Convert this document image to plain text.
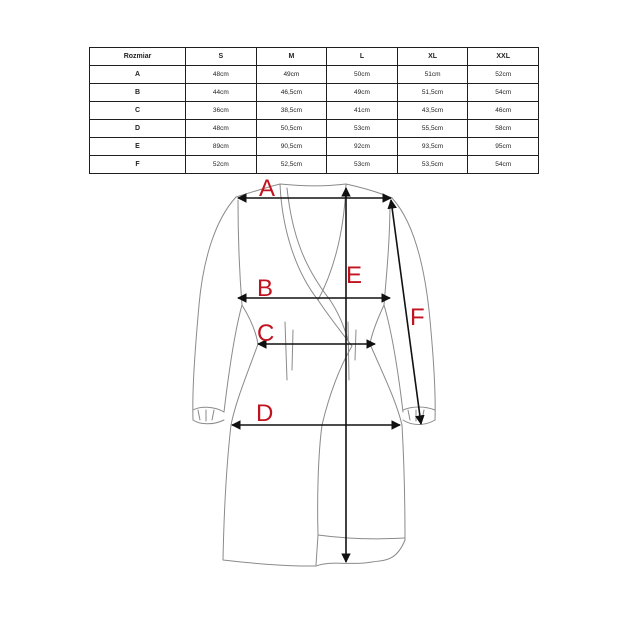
Rozmiar	S	M	L	XL	XXL
A	48cm	49cm	50cm	51cm	52cm
B	44cm	46,5cm	49cm	51,5cm	54cm
C	36cm	38,5cm	41cm	43,5cm	46cm
D	48cm	50,5cm	53cm	55,5cm	58cm
E	89cm	90,5cm	92cm	93,5cm	95cm
F	52cm	52,5cm	53cm	53,5cm	54cm
A
B
C
D
E
F
